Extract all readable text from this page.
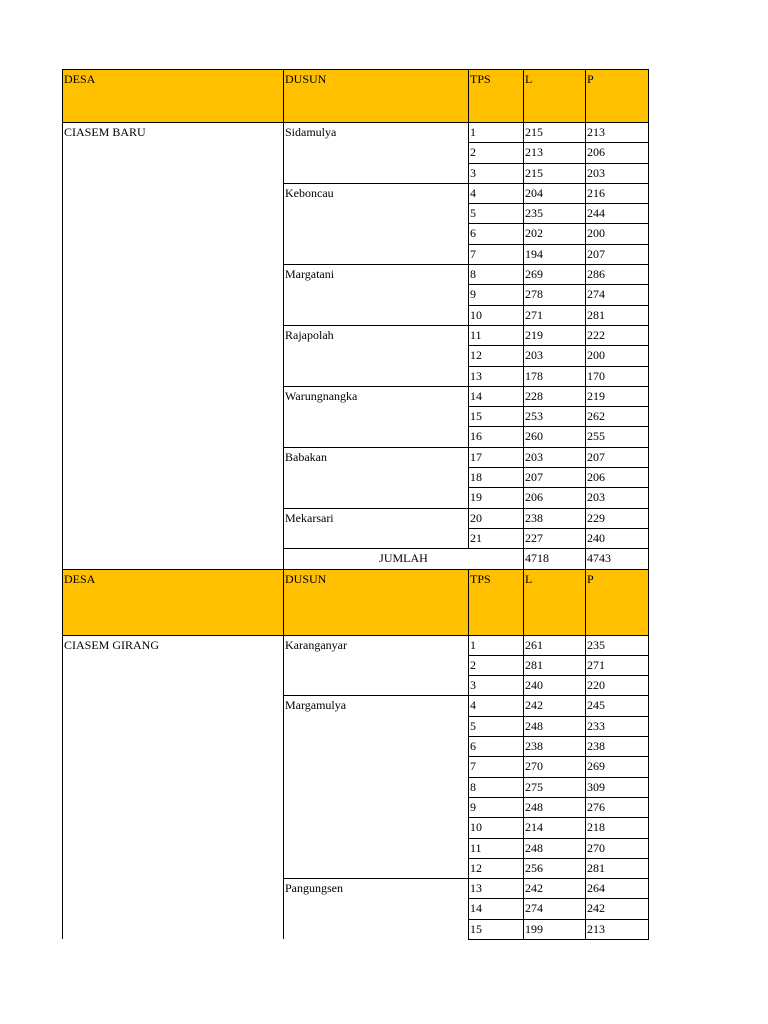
DESA	DUSUN	TPS	L	P
CIASEM BARU	Sidamulya	1	215	213
		2	213	206
		3	215	203
	Keboncau	4	204	216
		5	235	244
		6	202	200
		7	194	207
	Margatani	8	269	286
		9	278	274
		10	271	281
	Rajapolah	11	219	222
		12	203	200
		13	178	170
	Warungnangka	14	228	219
		15	253	262
		16	260	255
	Babakan	17	203	207
		18	207	206
		19	206	203
	Mekarsari	20	238	229
		21	227	240
	JUMLAH		4718	4743
DESA	DUSUN	TPS	L	P
CIASEM GIRANG	Karanganyar	1	261	235
		2	281	271
		3	240	220
	Margamulya	4	242	245
		5	248	233
		6	238	238
		7	270	269
		8	275	309
		9	248	276
		10	214	218
		11	248	270
		12	256	281
	Pangungsen	13	242	264
		14	274	242
		15	199	213
